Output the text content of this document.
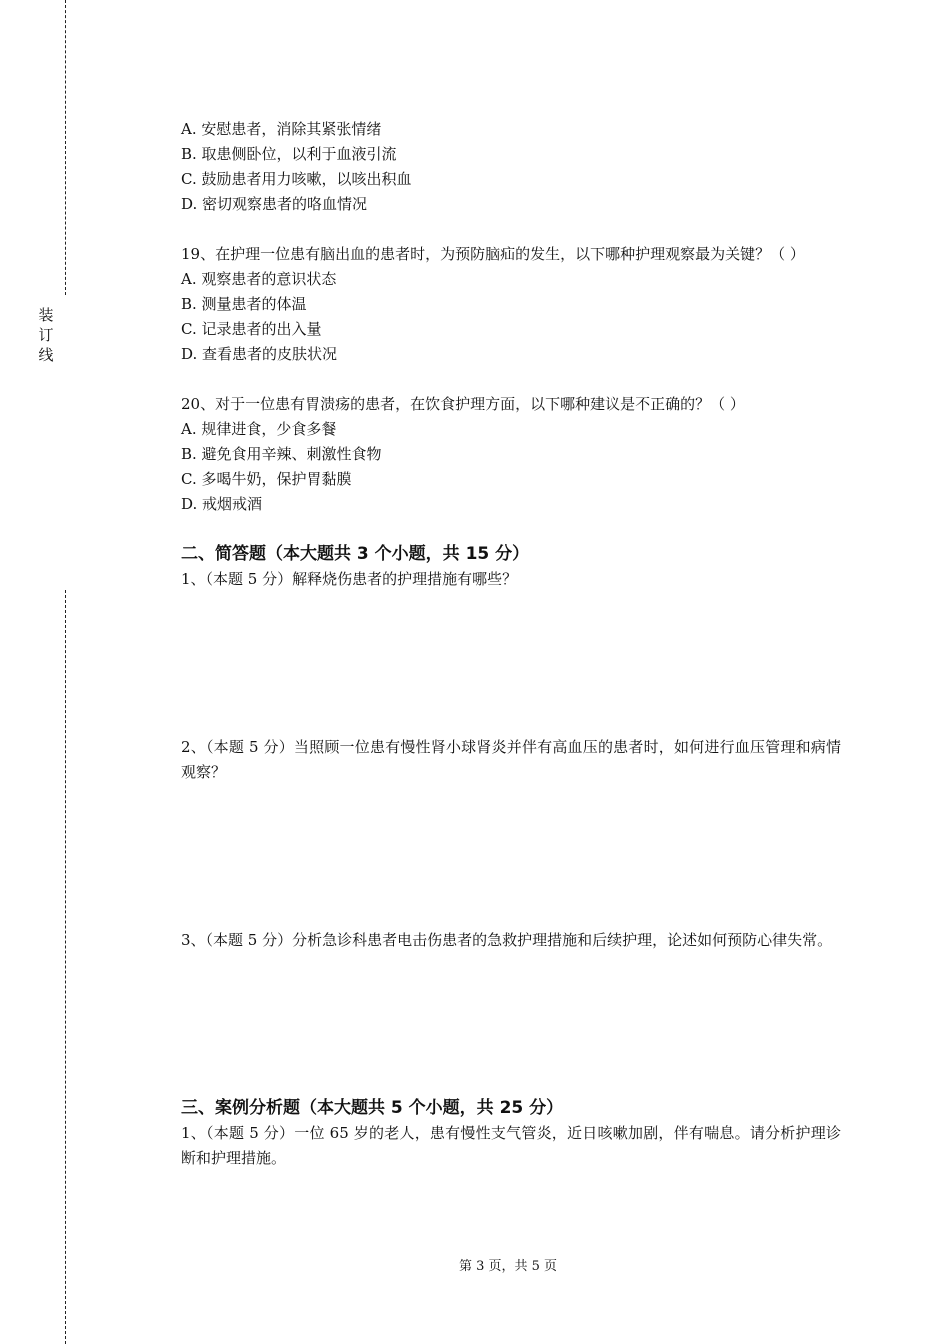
装
订
线
A. 安慰患者，消除其紧张情绪
B. 取患侧卧位，以利于血液引流
C. 鼓励患者用力咳嗽，以咳出积血
D. 密切观察患者的咯血情况
19、在护理一位患有脑出血的患者时，为预防脑疝的发生，以下哪种护理观察最为关键？（ ）
A. 观察患者的意识状态
B. 测量患者的体温
C. 记录患者的出入量
D. 查看患者的皮肤状况
20、对于一位患有胃溃疡的患者，在饮食护理方面，以下哪种建议是不正确的？（ ）
A. 规律进食，少食多餐
B. 避免食用辛辣、刺激性食物
C. 多喝牛奶，保护胃黏膜
D. 戒烟戒酒
二、简答题（本大题共 3 个小题，共 15 分）
1、（本题 5 分）解释烧伤患者的护理措施有哪些？
2、（本题 5 分）当照顾一位患有慢性肾小球肾炎并伴有高血压的患者时，如何进行血压管理和病情观察？
3、（本题 5 分）分析急诊科患者电击伤患者的急救护理措施和后续护理，论述如何预防心律失常。
三、案例分析题（本大题共 5 个小题，共 25 分）
1、（本题 5 分）一位 65 岁的老人，患有慢性支气管炎，近日咳嗽加剧，伴有喘息。请分析护理诊断和护理措施。
第 3 页，共 5 页
